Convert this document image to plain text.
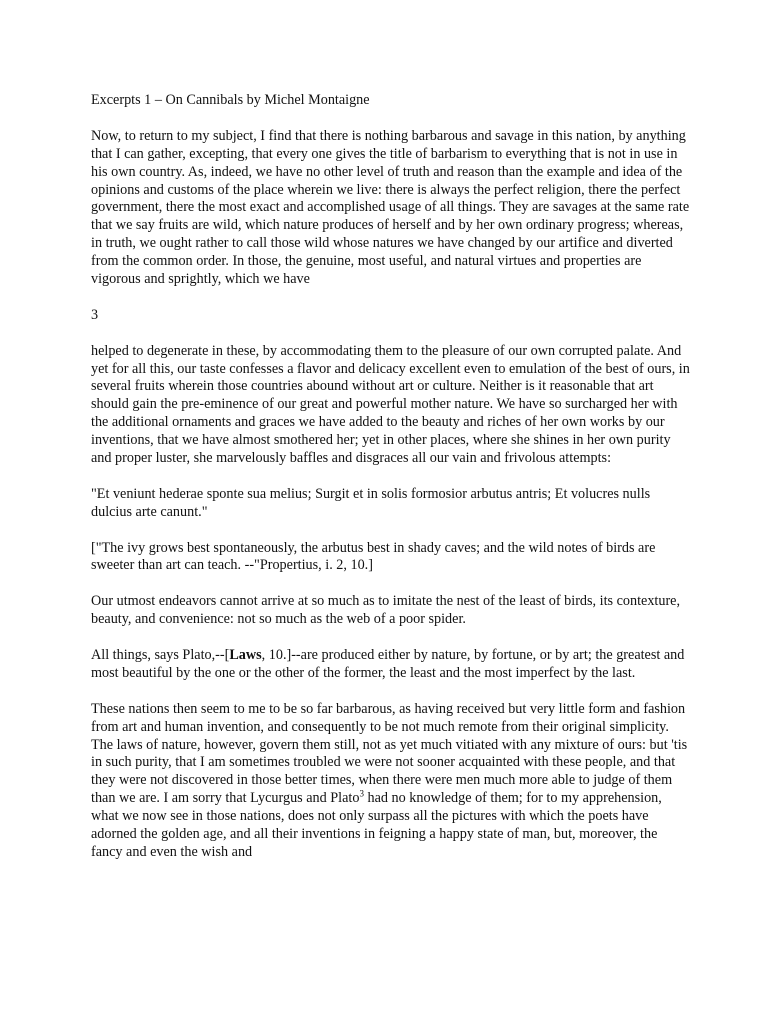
Excerpts 1 – On Cannibals by Michel Montaigne

Now, to return to my subject, I find that there is nothing barbarous and savage in this nation, by anything that I can gather, excepting, that every one gives the title of barbarism to everything that is not in use in his own country. As, indeed, we have no other level of truth and reason than the example and idea of the opinions and customs of the place wherein we live: there is always the perfect religion, there the perfect government, there the most exact and accomplished usage of all things. They are savages at the same rate that we say fruits are wild, which nature produces of herself and by her own ordinary progress; whereas, in truth, we ought rather to call those wild whose natures we have changed by our artifice and diverted from the common order. In those, the genuine, most useful, and natural virtues and properties are vigorous and sprightly, which we have

3

helped to degenerate in these, by accommodating them to the pleasure of our own corrupted palate. And yet for all this, our taste confesses a flavor and delicacy excellent even to emulation of the best of ours, in several fruits wherein those countries abound without art or culture. Neither is it reasonable that art should gain the pre-eminence of our great and powerful mother nature. We have so surcharged her with the additional ornaments and graces we have added to the beauty and riches of her own works by our inventions, that we have almost smothered her; yet in other places, where she shines in her own purity and proper luster, she marvelously baffles and disgraces all our vain and frivolous attempts:

"Et veniunt hederae sponte sua melius; Surgit et in solis formosior arbutus antris; Et volucres nulls dulcius arte canunt."

["The ivy grows best spontaneously, the arbutus best in shady caves; and the wild notes of birds are sweeter than art can teach. --"Propertius, i. 2, 10.]

Our utmost endeavors cannot arrive at so much as to imitate the nest of the least of birds, its contexture, beauty, and convenience: not so much as the web of a poor spider.

All things, says Plato,--[Laws, 10.]--are produced either by nature, by fortune, or by art; the greatest and most beautiful by the one or the other of the former, the least and the most imperfect by the last.

These nations then seem to me to be so far barbarous, as having received but very little form and fashion from art and human invention, and consequently to be not much remote from their original simplicity. The laws of nature, however, govern them still, not as yet much vitiated with any mixture of ours: but 'tis in such purity, that I am sometimes troubled we were not sooner acquainted with these people, and that they were not discovered in those better times, when there were men much more able to judge of them than we are. I am sorry that Lycurgus and Plato$^3$ had no knowledge of them; for to my apprehension, what we now see in those nations, does not only surpass all the pictures with which the poets have adorned the golden age, and all their inventions in feigning a happy state of man, but, moreover, the fancy and even the wish and
